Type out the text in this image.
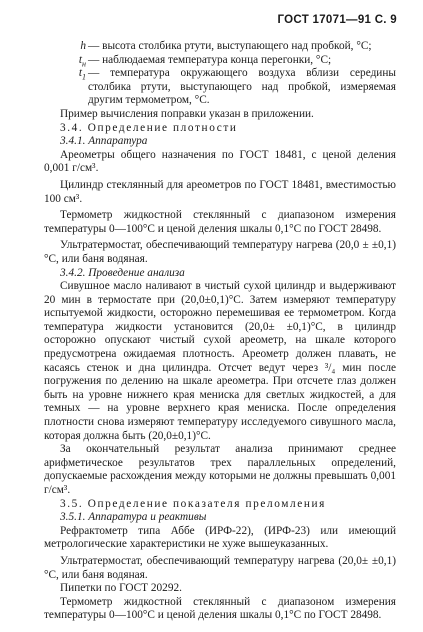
ГОСТ 17071—91 С. 9
h — высота столбика ртути, выступающего над пробкой, °С;

$t_н$ — наблюдаемая температура конца перегонки, °С;

$t_1$ — температура окружающего воздуха вблизи середины столбика ртути, выступающего над пробкой, измеряемая другим термометром, °С.

Пример вычисления поправки указан в приложении.

3.4. Определение плотности

3.4.1. Аппаратура

Ареометры общего назначения по ГОСТ 18481, с ценой деления 0,001 г/см³.

Цилиндр стеклянный для ареометров по ГОСТ 18481, вместимостью 100 см³.

Термометр жидкостной стеклянный с диапазоном измерения температуры 0—100°С и ценой деления шкалы 0,1°С по ГОСТ 28498.

Ультратермостат, обеспечивающий температуру нагрева (20,0 ± ±0,1)°С, или баня водяная.

3.4.2. Проведение анализа

Сивушное масло наливают в чистый сухой цилиндр и выдерживают 20 мин в термостате при (20,0±0,1)°С. Затем измеряют температуру испытуемой жидкости, осторожно перемешивая ее термометром. Когда температура жидкости установится (20,0± ±0,1)°С, в цилиндр осторожно опускают чистый сухой ареометр, на шкале которого предусмотрена ожидаемая плотность. Ареометр должен плавать, не касаясь стенок и дна цилиндра. Отсчет ведут через ³/₄ мин после погружения по делению на шкале ареометра. При отсчете глаз должен быть на уровне нижнего края мениска для светлых жидкостей, а для темных — на уровне верхнего края мениска. После определения плотности снова измеряют температуру исследуемого сивушного масла, которая должна быть (20,0±0,1)°С.

За окончательный результат анализа принимают среднее арифметическое результатов трех параллельных определений, допускаемые расхождения между которыми не должны превышать 0,001 г/см³.

3.5. Определение показателя преломления

3.5.1. Аппаратура и реактивы

Рефрактометр типа Аббе (ИРФ-22), (ИРФ-23) или имеющий метрологические характеристики не хуже вышеуказанных.

Ультратермостат, обеспечивающий температуру нагрева (20,0± ±0,1)°С, или баня водяная.

Пипетки по ГОСТ 20292.

Термометр жидкостной стеклянный с диапазоном измерения температуры 0—100°С и ценой деления шкалы 0,1°С по ГОСТ 28498.
